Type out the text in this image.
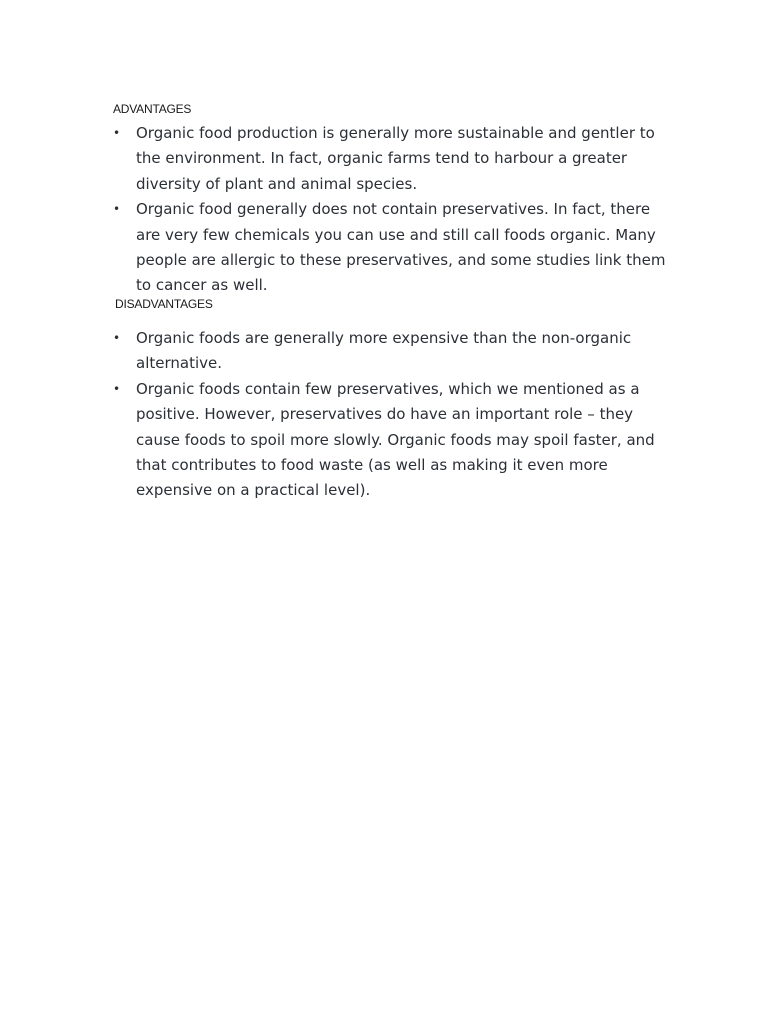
ADVANTAGES
• Organic food production is generally more sustainable and gentler to the environment. In fact, organic farms tend to harbour a greater diversity of plant and animal species.
• Organic food generally does not contain preservatives. In fact, there are very few chemicals you can use and still call foods organic. Many people are allergic to these preservatives, and some studies link them to cancer as well.
DISADVANTAGES
• Organic foods are generally more expensive than the non-organic alternative.
• Organic foods contain few preservatives, which we mentioned as a positive. However, preservatives do have an important role – they cause foods to spoil more slowly. Organic foods may spoil faster, and that contributes to food waste (as well as making it even more expensive on a practical level).
